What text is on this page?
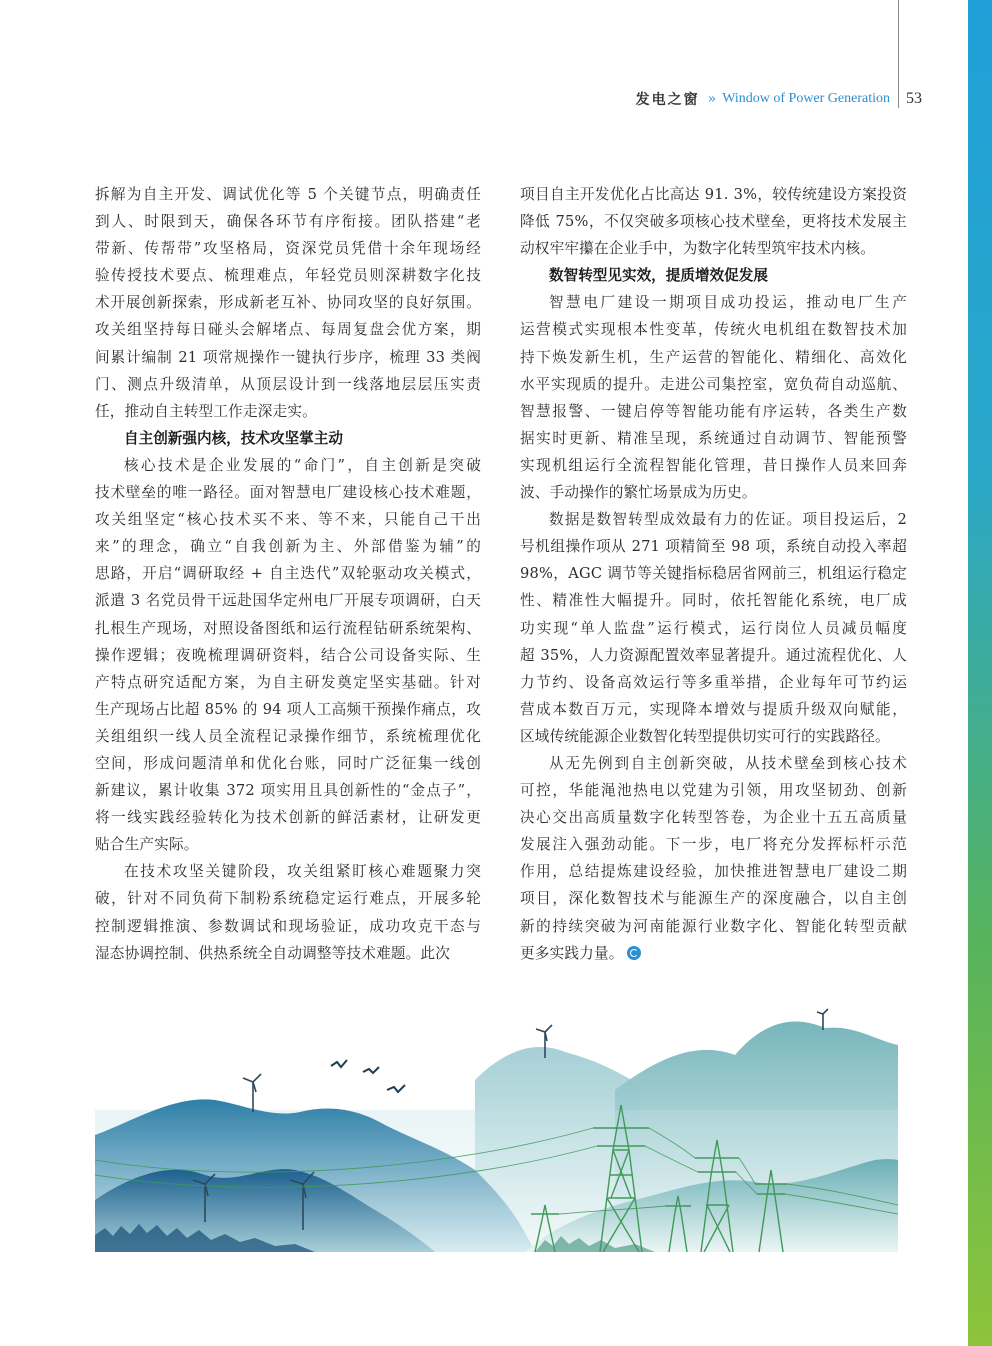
发电之窗 » Window of Power Generation 53
拆解为自主开发、调试优化等 5 个关键节点，明确责任
到人、时限到天，确保各环节有序衔接。团队搭建“老
带新、传帮带”攻坚格局，资深党员凭借十余年现场经
验传授技术要点、梳理难点，年轻党员则深耕数字化技
术开展创新探索，形成新老互补、协同攻坚的良好氛围。
攻关组坚持每日碰头会解堵点、每周复盘会优方案，期
间累计编制 21 项常规操作一键执行步序，梳理 33 类阀
门、测点升级清单，从顶层设计到一线落地层层压实责
任，推动自主转型工作走深走实。
自主创新强内核，技术攻坚掌主动
核心技术是企业发展的“命门”，自主创新是突破
技术壁垒的唯一路径。面对智慧电厂建设核心技术难题，
攻关组坚定“核心技术买不来、等不来，只能自己干出
来”的理念，确立“自我创新为主、外部借鉴为辅”的
思路，开启“调研取经 + 自主迭代”双轮驱动攻关模式，
派遣 3 名党员骨干远赴国华定州电厂开展专项调研，白天
扎根生产现场，对照设备图纸和运行流程钻研系统架构、
操作逻辑；夜晚梳理调研资料，结合公司设备实际、生
产特点研究适配方案，为自主研发奠定坚实基础。针对
生产现场占比超 85% 的 94 项人工高频干预操作痛点，攻
关组组织一线人员全流程记录操作细节，系统梳理优化
空间，形成问题清单和优化台账，同时广泛征集一线创
新建议，累计收集 372 项实用且具创新性的“金点子”，
将一线实践经验转化为技术创新的鲜活素材，让研发更
贴合生产实际。
在技术攻坚关键阶段，攻关组紧盯核心难题聚力突
破，针对不同负荷下制粉系统稳定运行难点，开展多轮
控制逻辑推演、参数调试和现场验证，成功攻克干态与
湿态协调控制、供热系统全自动调整等技术难题。此次
项目自主开发优化占比高达 91. 3%，较传统建设方案投资
降低 75%，不仅突破多项核心技术壁垒，更将技术发展主
动权牢牢攥在企业手中，为数字化转型筑牢技术内核。
数智转型见实效，提质增效促发展
智慧电厂建设一期项目成功投运，推动电厂生产
运营模式实现根本性变革，传统火电机组在数智技术加
持下焕发新生机，生产运营的智能化、精细化、高效化
水平实现质的提升。走进公司集控室，宽负荷自动巡航、
智慧报警、一键启停等智能功能有序运转，各类生产数
据实时更新、精准呈现，系统通过自动调节、智能预警
实现机组运行全流程智能化管理，昔日操作人员来回奔
波、手动操作的繁忙场景成为历史。
数据是数智转型成效最有力的佐证。项目投运后，2
号机组操作项从 271 项精简至 98 项，系统自动投入率超
98%，AGC 调节等关键指标稳居省网前三，机组运行稳定
性、精准性大幅提升。同时，依托智能化系统，电厂成
功实现“单人监盘”运行模式，运行岗位人员减员幅度
超 35%，人力资源配置效率显著提升。通过流程优化、人
力节约、设备高效运行等多重举措，企业每年可节约运
营成本数百万元，实现降本增效与提质升级双向赋能，
区域传统能源企业数智化转型提供切实可行的实践路径。
从无先例到自主创新突破，从技术壁垒到核心技术
可控，华能渑池热电以党建为引领，用攻坚韧劲、创新
决心交出高质量数字化转型答卷，为企业十五五高质量
发展注入强劲动能。下一步，电厂将充分发挥标杆示范
作用，总结提炼建设经验，加快推进智慧电厂建设二期
项目，深化数智技术与能源生产的深度融合，以自主创
新的持续突破为河南能源行业数字化、智能化转型贡献
更多实践力量。
